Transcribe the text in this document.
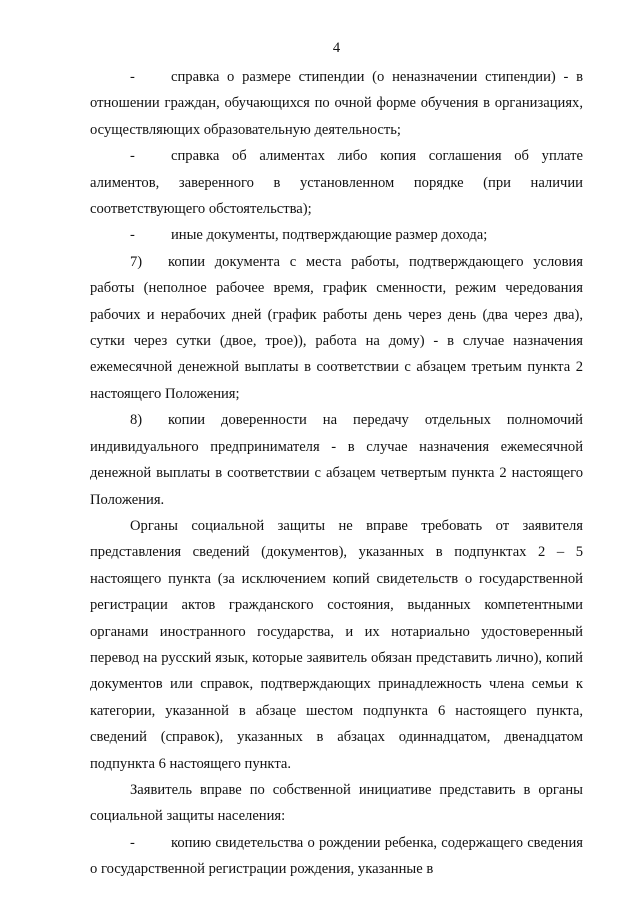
4

- справка о размере стипендии (о неназначении стипендии) - в отношении граждан, обучающихся по очной форме обучения в организациях, осуществляющих образовательную деятельность;

- справка об алиментах либо копия соглашения об уплате алиментов, заверенного в установленном порядке (при наличии соответствующего обстоятельства);

- иные документы, подтверждающие размер дохода;

7) копии документа с места работы, подтверждающего условия работы (неполное рабочее время, график сменности, режим чередования рабочих и нерабочих дней (график работы день через день (два через два), сутки через сутки (двое, трое)), работа на дому) - в случае назначения ежемесячной денежной выплаты в соответствии с абзацем третьим пункта 2 настоящего Положения;

8) копии доверенности на передачу отдельных полномочий индивидуального предпринимателя - в случае назначения ежемесячной денежной выплаты в соответствии с абзацем четвертым пункта 2 настоящего Положения.

Органы социальной защиты не вправе требовать от заявителя представления сведений (документов), указанных в подпунктах 2 – 5 настоящего пункта (за исключением копий свидетельств о государственной регистрации актов гражданского состояния, выданных компетентными органами иностранного государства, и их нотариально удостоверенный перевод на русский язык, которые заявитель обязан представить лично), копий документов или справок, подтверждающих принадлежность члена семьи к категории, указанной в абзаце шестом подпункта 6 настоящего пункта, сведений (справок), указанных в абзацах одиннадцатом, двенадцатом подпункта 6 настоящего пункта.

Заявитель вправе по собственной инициативе представить в органы социальной защиты населения:

- копию свидетельства о рождении ребенка, содержащего сведения о государственной регистрации рождения, указанные в
